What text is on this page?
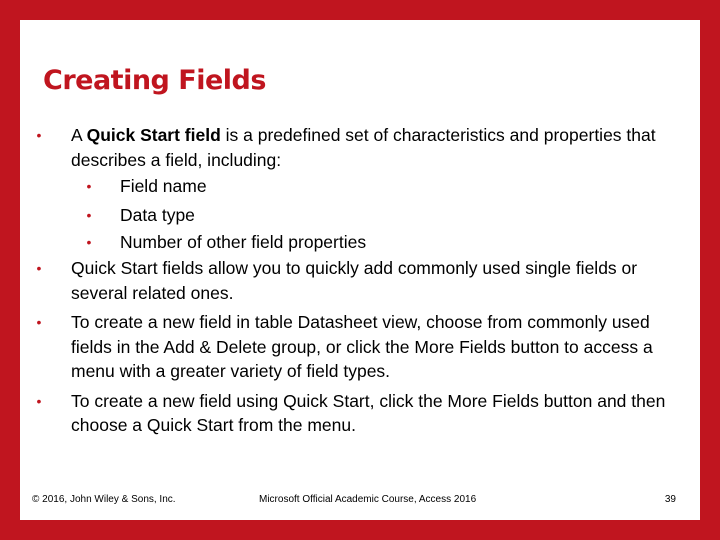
Creating Fields
•	A Quick Start field is a predefined set of characteristics and properties that describes a field, including:
•	Field name
•	Data type
•	Number of other field properties
•	Quick Start fields allow you to quickly add commonly used single fields or several related ones.
•	To create a new field in table Datasheet view, choose from commonly used fields in the Add & Delete group, or click the More Fields button to access a menu with a greater variety of field types.
•	To create a new field using Quick Start, click the More Fields button and then choose a Quick Start from the menu.
© 2016, John Wiley & Sons, Inc.	Microsoft Official Academic Course, Access 2016	39
